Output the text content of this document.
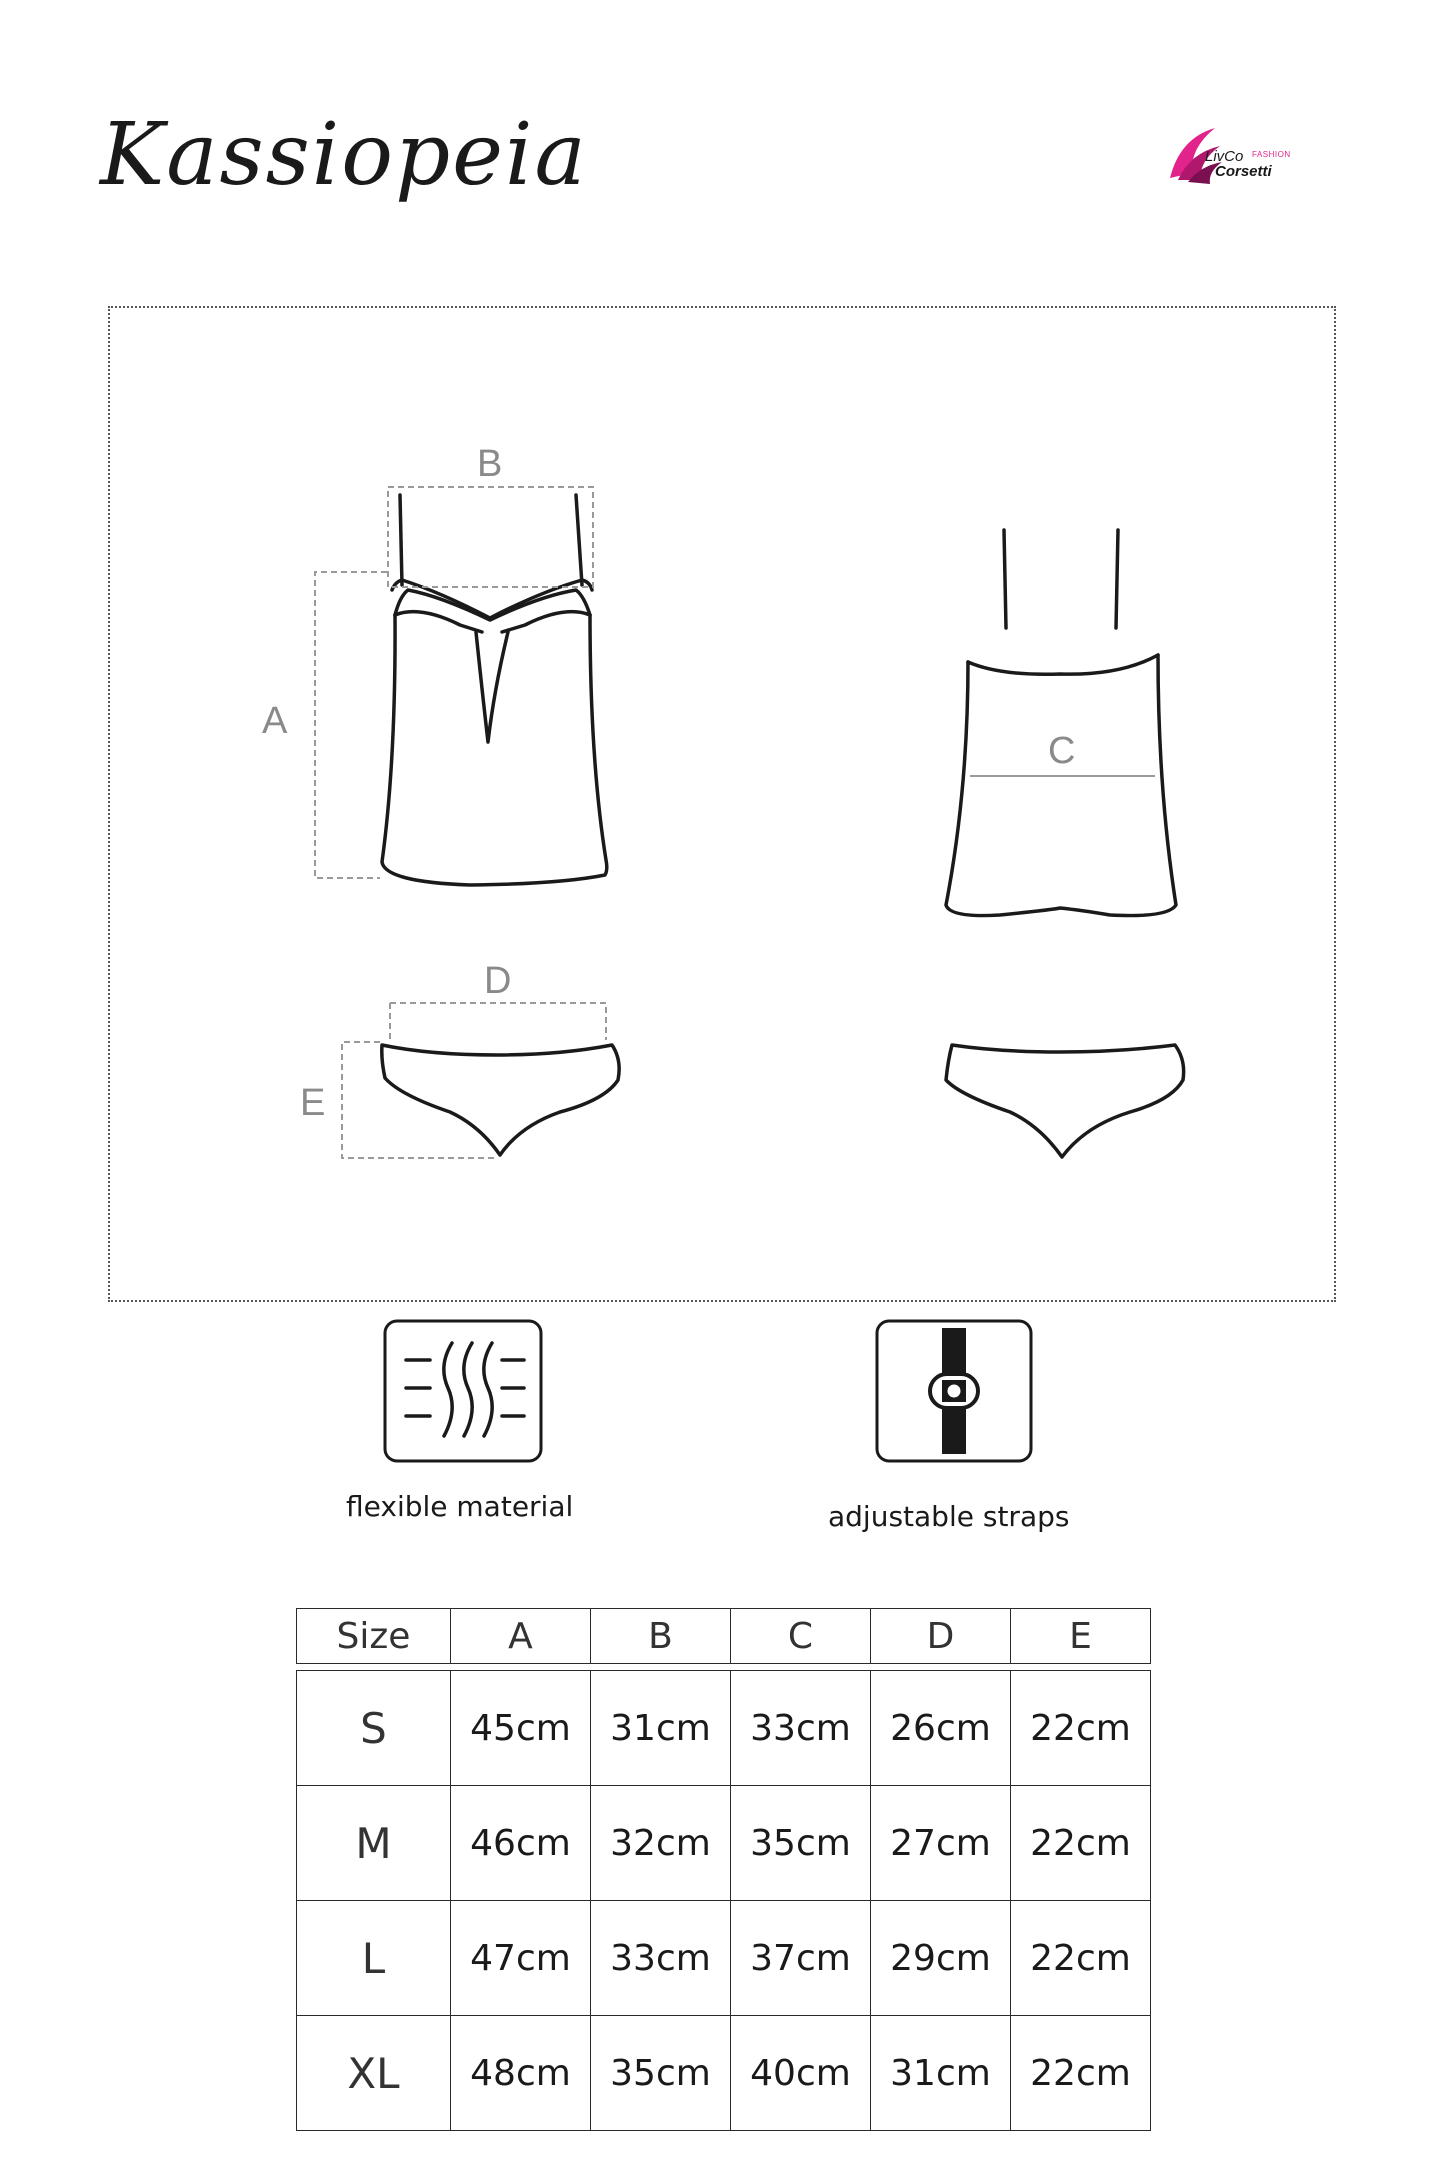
Kassiopeia	LivCo FASHION
Corsetti
B
A
C
D
E
flexible material	adjustable straps
Size	A	B	C	D	E

S	45cm	31cm	33cm	26cm	22cm
M	46cm	32cm	35cm	27cm	22cm
L	47cm	33cm	37cm	29cm	22cm
XL	48cm	35cm	40cm	31cm	22cm
